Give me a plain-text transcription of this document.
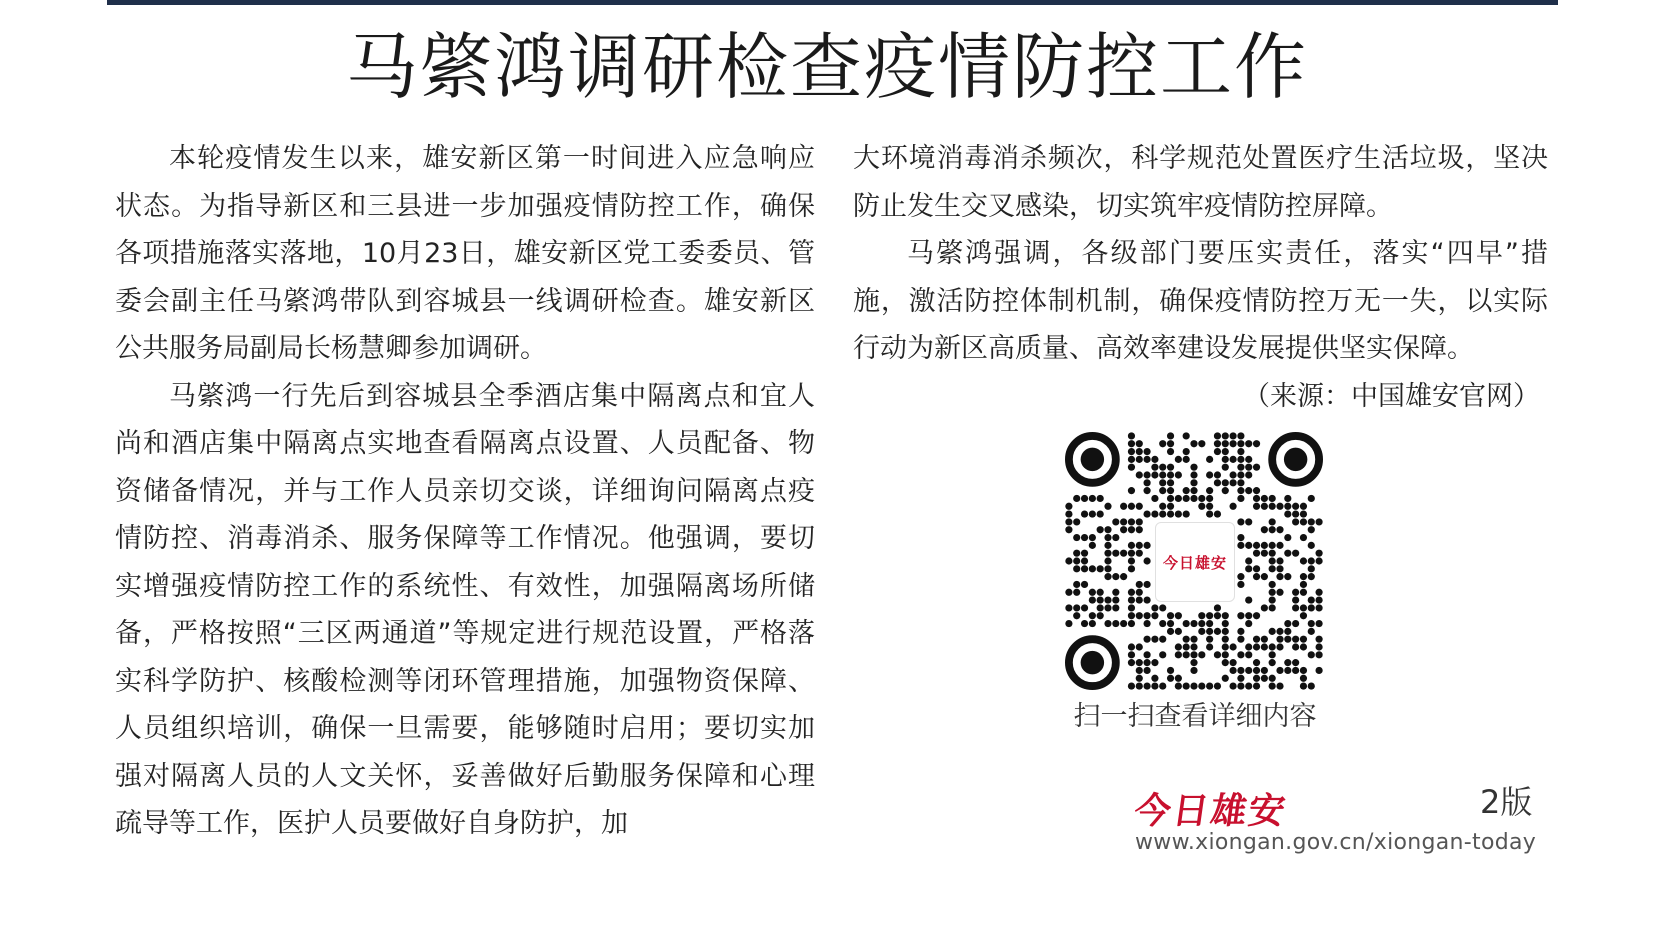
马綮鸿调研检查疫情防控工作

本轮疫情发生以来，雄安新区第一时间进入应急响应状态。为指导新区和三县进一步加强疫情防控工作，确保各项措施落实落地，10月23日，雄安新区党工委委员、管委会副主任马綮鸿带队到容城县一线调研检查。雄安新区公共服务局副局长杨慧卿参加调研。

马綮鸿一行先后到容城县全季酒店集中隔离点和宜人尚和酒店集中隔离点实地查看隔离点设置、人员配备、物资储备情况，并与工作人员亲切交谈，详细询问隔离点疫情防控、消毒消杀、服务保障等工作情况。他强调，要切实增强疫情防控工作的系统性、有效性，加强隔离场所储备，严格按照“三区两通道”等规定进行规范设置，严格落实科学防护、核酸检测等闭环管理措施，加强物资保障、人员组织培训，确保一旦需要，能够随时启用；要切实加强对隔离人员的人文关怀，妥善做好后勤服务保障和心理疏导等工作，医护人员要做好自身防护，加

大环境消毒消杀频次，科学规范处置医疗生活垃圾，坚决防止发生交叉感染，切实筑牢疫情防控屏障。

马綮鸿强调，各级部门要压实责任，落实“四早”措施，激活防控体制机制，确保疫情防控万无一失，以实际行动为新区高质量、高效率建设发展提供坚实保障。

（来源：中国雄安官网）

今日雄安
扫一扫查看详细内容
今日雄安	2版
www.xiongan.gov.cn/xiongan-today
